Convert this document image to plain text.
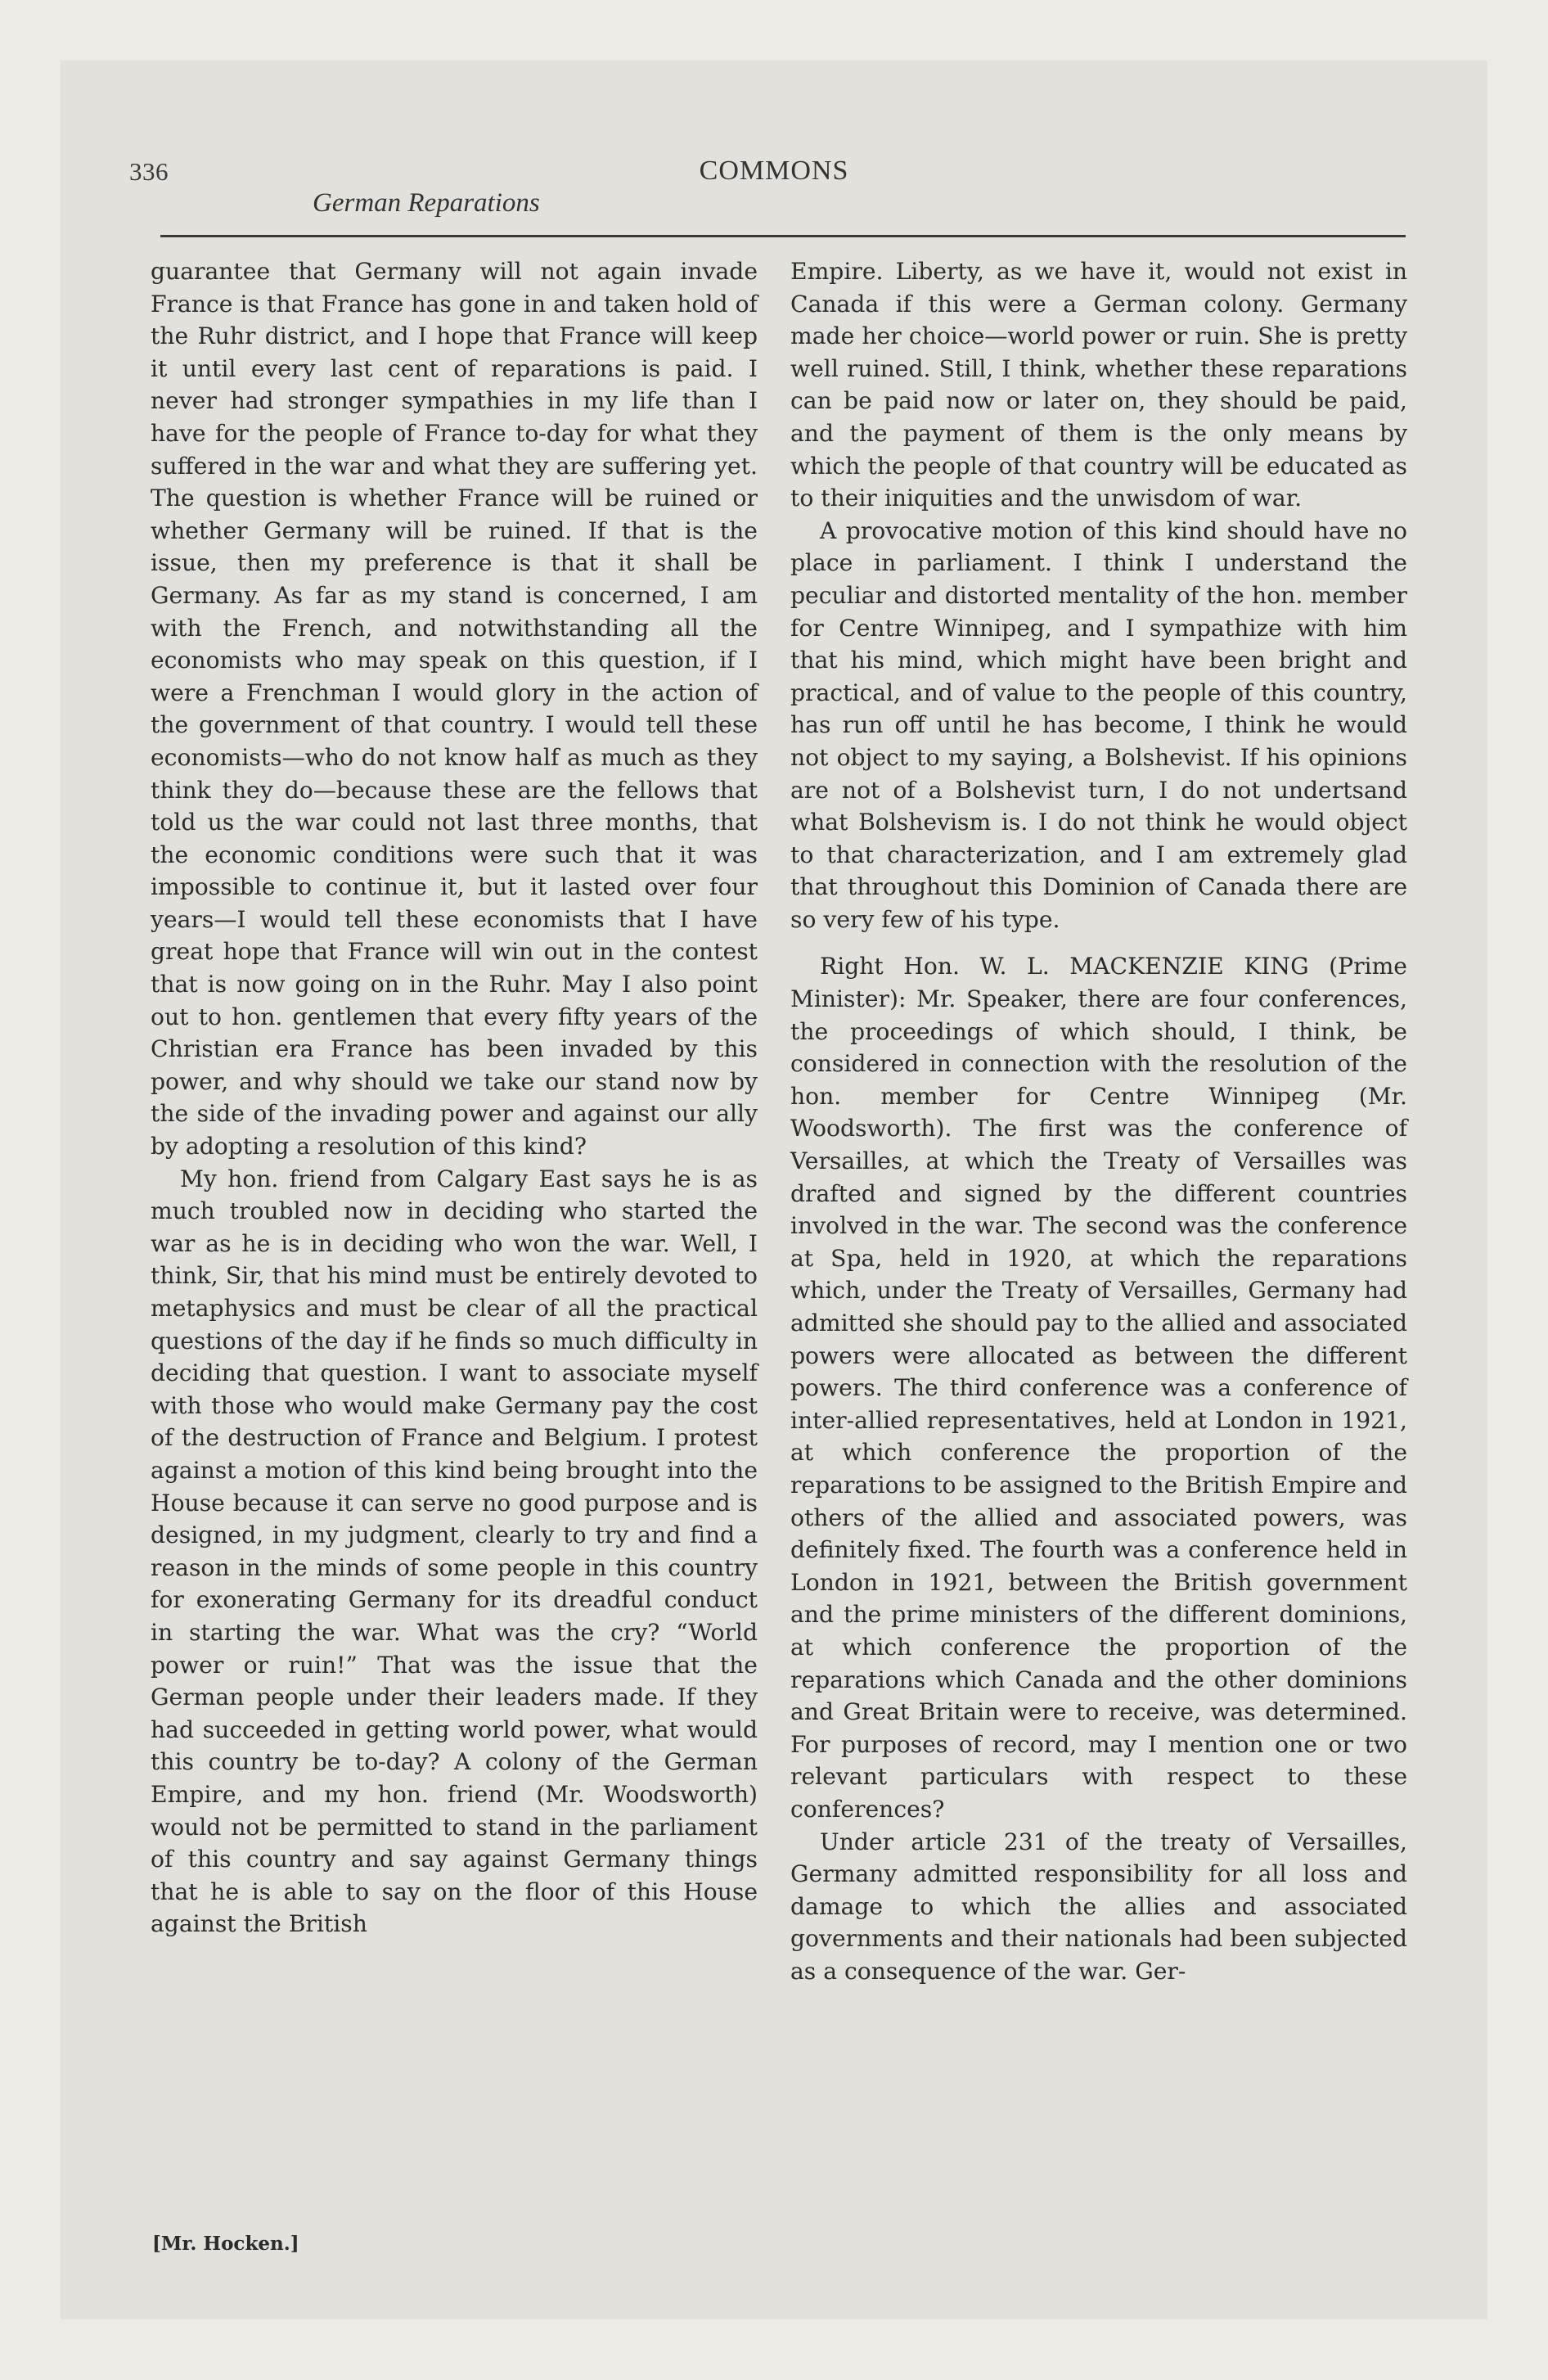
336	COMMONS
German Reparations

guarantee that Germany will not again invade France is that France has gone in and taken hold of the Ruhr district, and I hope that France will keep it until every last cent of reparations is paid. I never had stronger sympathies in my life than I have for the people of France to-day for what they suffered in the war and what they are suffering yet. The question is whether France will be ruined or whether Germany will be ruined. If that is the issue, then my preference is that it shall be Germany. As far as my stand is concerned, I am with the French, and notwithstanding all the economists who may speak on this question, if I were a Frenchman I would glory in the action of the government of that country. I would tell these economists—who do not know half as much as they think they do—because these are the fellows that told us the war could not last three months, that the economic conditions were such that it was impossible to continue it, but it lasted over four years—I would tell these economists that I have great hope that France will win out in the contest that is now going on in the Ruhr. May I also point out to hon. gentlemen that every fifty years of the Christian era France has been invaded by this power, and why should we take our stand now by the side of the invading power and against our ally by adopting a resolution of this kind?

My hon. friend from Calgary East says he is as much troubled now in deciding who started the war as he is in deciding who won the war. Well, I think, Sir, that his mind must be entirely devoted to metaphysics and must be clear of all the practical questions of the day if he finds so much difficulty in deciding that question. I want to associate myself with those who would make Germany pay the cost of the destruction of France and Belgium. I protest against a motion of this kind being brought into the House because it can serve no good purpose and is designed, in my judgment, clearly to try and find a reason in the minds of some people in this country for exonerating Germany for its dreadful conduct in starting the war. What was the cry? “World power or ruin!” That was the issue that the German people under their leaders made. If they had succeeded in getting world power, what would this country be to-day? A colony of the German Empire, and my hon. friend (Mr. Woodsworth) would not be permitted to stand in the parliament of this country and say against Germany things that he is able to say on the floor of this House against the British

Empire. Liberty, as we have it, would not exist in Canada if this were a German colony. Germany made her choice—world power or ruin. She is pretty well ruined. Still, I think, whether these reparations can be paid now or later on, they should be paid, and the payment of them is the only means by which the people of that country will be educated as to their iniquities and the unwisdom of war.

A provocative motion of this kind should have no place in parliament. I think I understand the peculiar and distorted mentality of the hon. member for Centre Winnipeg, and I sympathize with him that his mind, which might have been bright and practical, and of value to the people of this country, has run off until he has become, I think he would not object to my saying, a Bolshevist. If his opinions are not of a Bolshevist turn, I do not undertsand what Bolshevism is. I do not think he would object to that characterization, and I am extremely glad that throughout this Dominion of Canada there are so very few of his type.

Right Hon. W. L. MACKENZIE KING (Prime Minister): Mr. Speaker, there are four conferences, the proceedings of which should, I think, be considered in connection with the resolution of the hon. member for Centre Winnipeg (Mr. Woodsworth). The first was the conference of Versailles, at which the Treaty of Versailles was drafted and signed by the different countries involved in the war. The second was the conference at Spa, held in 1920, at which the reparations which, under the Treaty of Versailles, Germany had admitted she should pay to the allied and associated powers were allocated as between the different powers. The third conference was a conference of inter-allied representatives, held at London in 1921, at which conference the proportion of the reparations to be assigned to the British Empire and others of the allied and associated powers, was definitely fixed. The fourth was a conference held in London in 1921, between the British government and the prime ministers of the different dominions, at which conference the proportion of the reparations which Canada and the other dominions and Great Britain were to receive, was determined. For purposes of record, may I mention one or two relevant particulars with respect to these conferences?

Under article 231 of the treaty of Versailles, Germany admitted responsibility for all loss and damage to which the allies and associated governments and their nationals had been subjected as a consequence of the war. Ger-

[Mr. Hocken.]
